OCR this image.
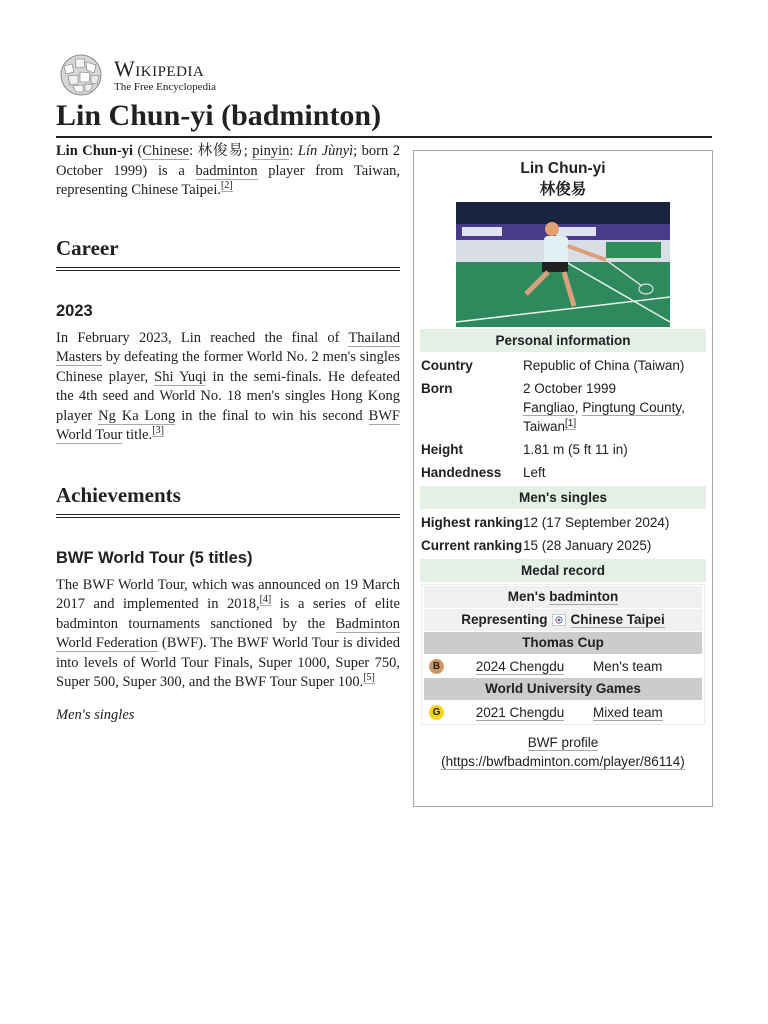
Wikipedia
The Free Encyclopedia
Lin Chun-yi (badminton)

Lin Chun-yi (Chinese: 林俊易; pinyin: Lín Jùnyì; born 2 October 1999) is a badminton player from Taiwan, representing Chinese Taipei.[2]

Career
2023

In February 2023, Lin reached the final of Thailand Masters by defeating the former World No. 2 men's singles Chinese player, Shi Yuqi in the semi-finals. He defeated the 4th seed and World No. 18 men's singles Hong Kong player Ng Ka Long in the final to win his second BWF World Tour title.[3]

Achievements
BWF World Tour (5 titles)

The BWF World Tour, which was announced on 19 March 2017 and implemented in 2018,[4] is a series of elite badminton tournaments sanctioned by the Badminton World Federation (BWF). The BWF World Tour is divided into levels of World Tour Finals, Super 1000, Super 750, Super 500, Super 300, and the BWF Tour Super 100.[5]

Men's singles
Lin Chun-yi
林俊易
Personal information
Country	Republic of China (Taiwan)
Born	2 October 1999
Fangliao, Pingtung County, Taiwan[1]
Height	1.81 m (5 ft 11 in)
Handedness	Left
Men's singles
Highest ranking 12 (17 September 2024)
Current ranking 15 (28 January 2025)
Medal record
Men's badminton
Representing Chinese Taipei
Thomas Cup
B	2024 Chengdu	Men's team
World University Games
G	2021 Chengdu	Mixed team
BWF profile (https://bwfbadminton.com/player/86114)
